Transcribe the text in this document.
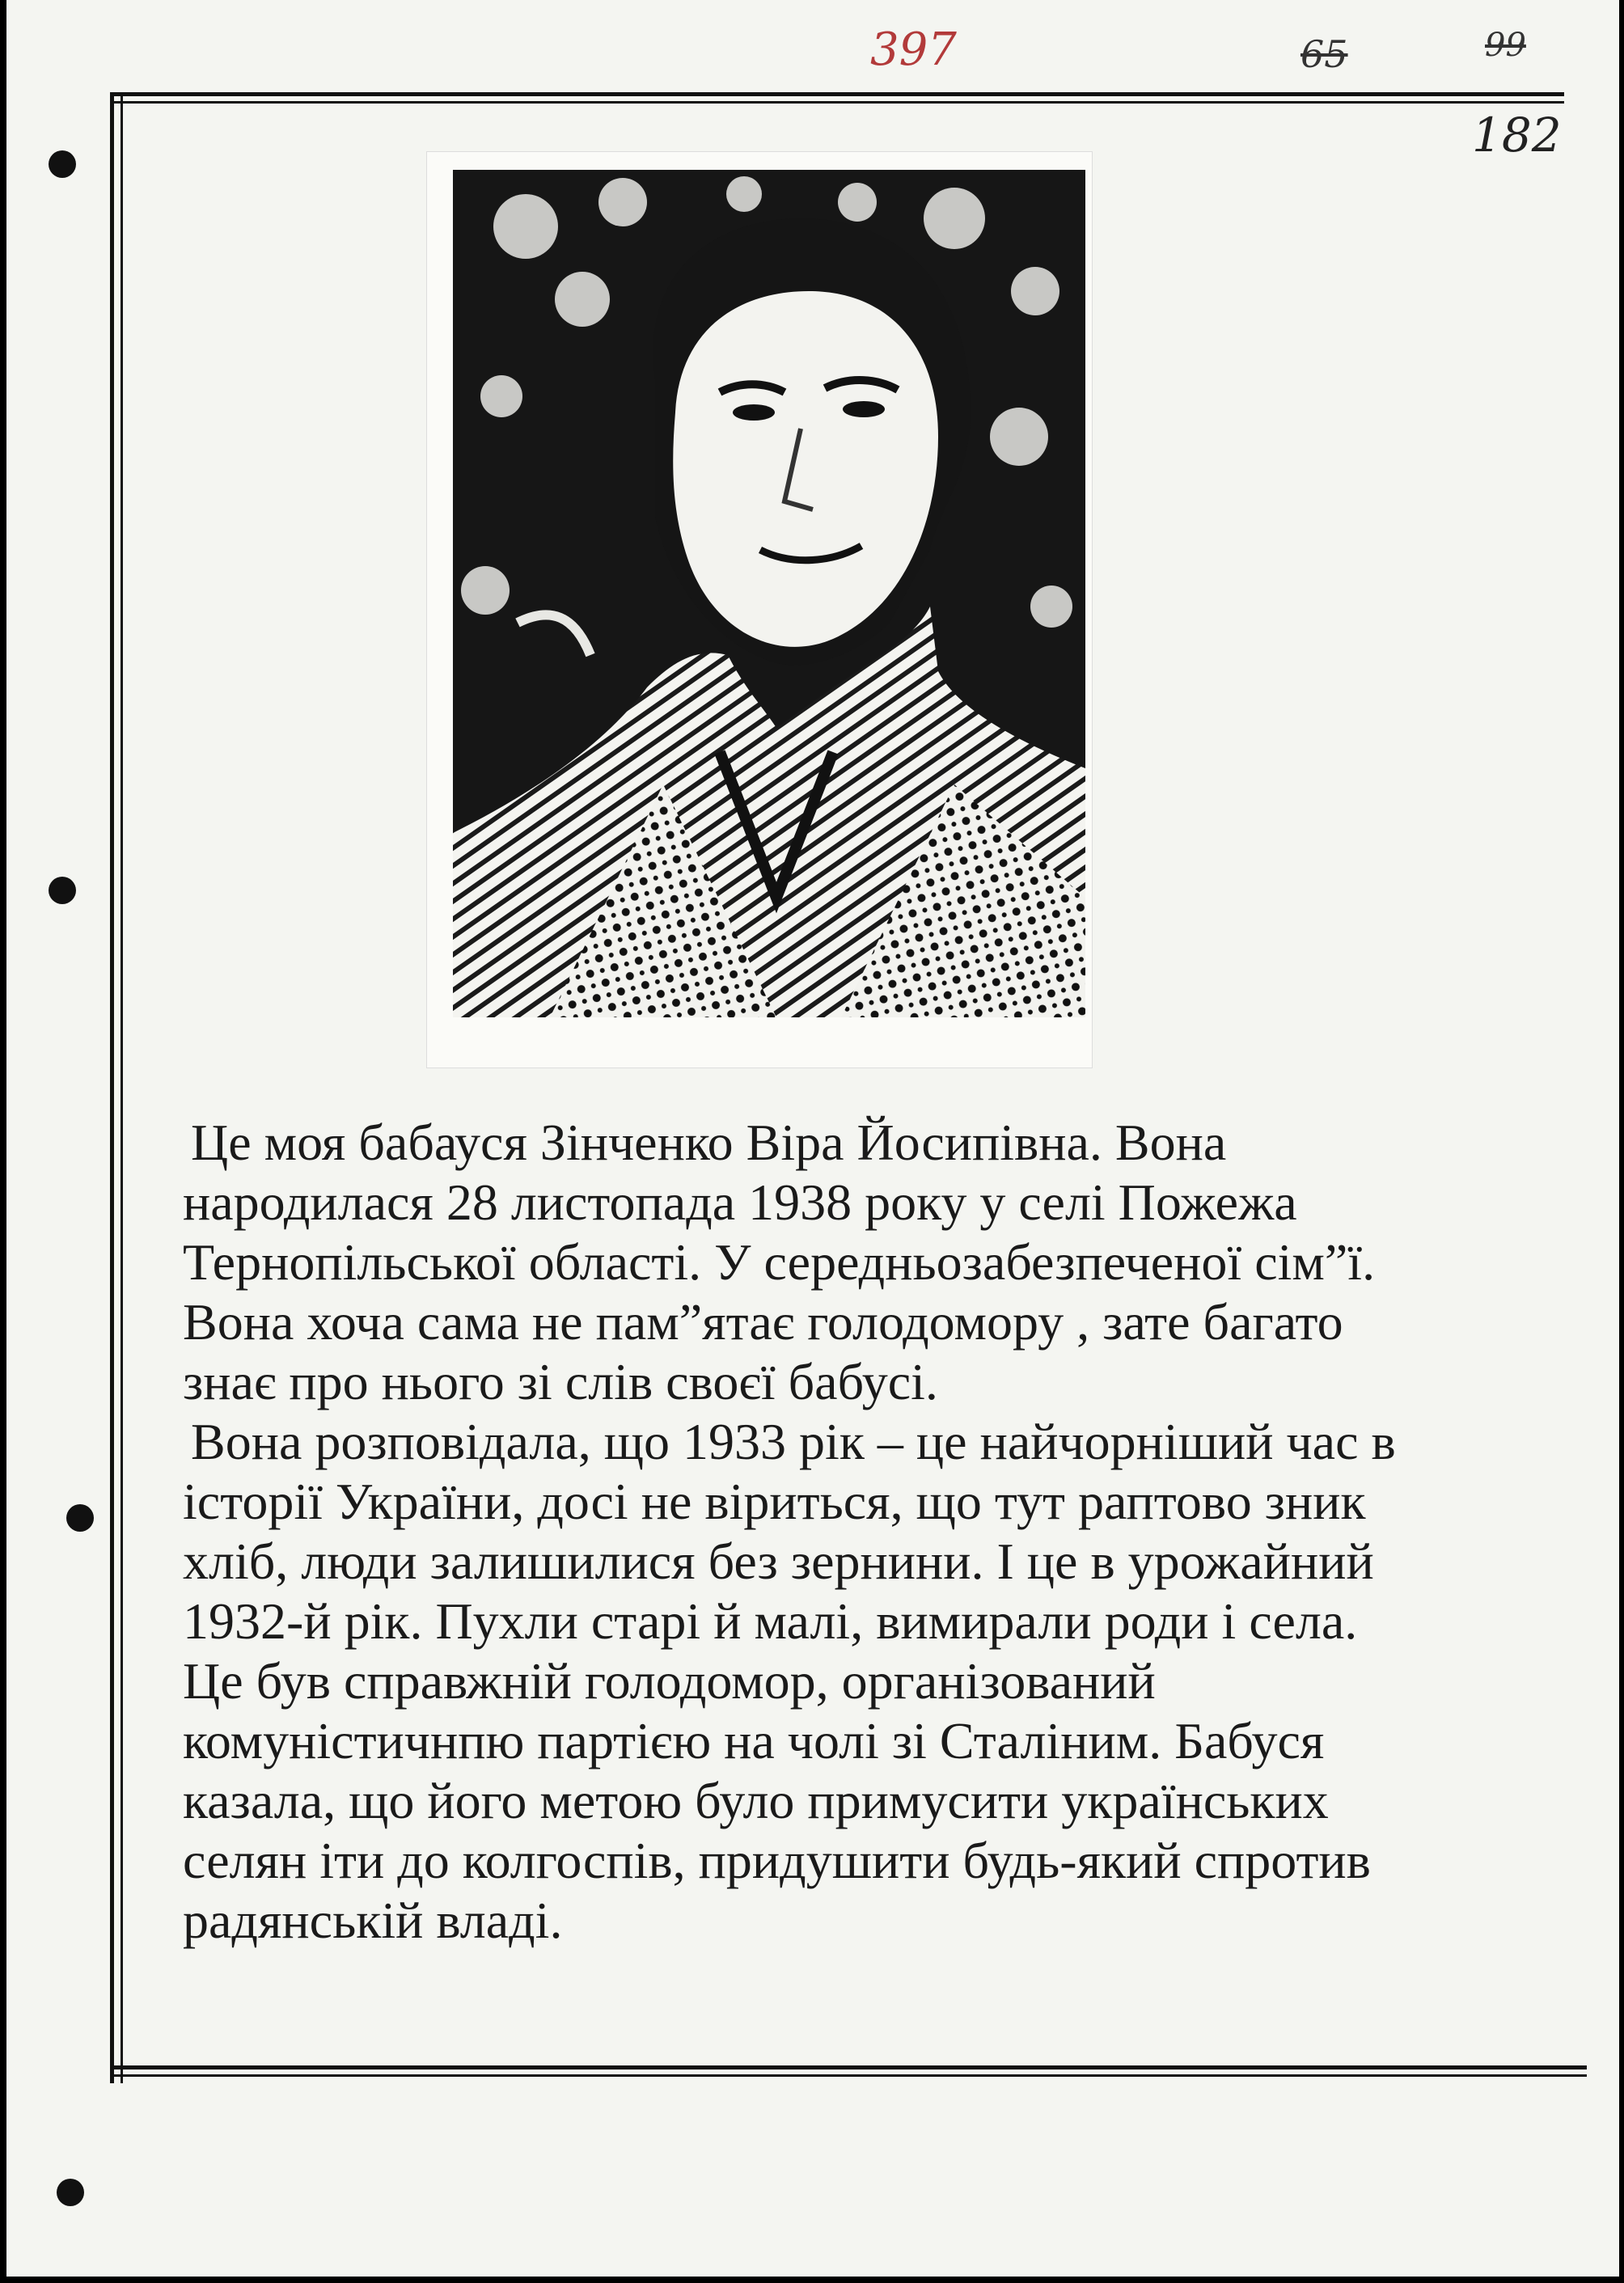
397	65	99
182
Це моя бабауся Зінченко Віра Йосипівна. Вона
народилася 28 листопада 1938 року у селі Пожежа
Тернопільської області. У середньозабезпеченої сім”ї.
Вона хоча сама не пам”ятає голодомору , зате багато
знає про нього зі слів своєї бабусі.
Вона розповідала, що 1933 рік – це найчорніший час в
історії України, досі не віриться, що тут раптово зник
хліб, люди залишилися без зернини. І це в урожайний
1932-й рік. Пухли старі й малі, вимирали роди і села.
Це був справжній голодомор, організований
комуністичнпю партією на чолі зі Сталіним. Бабуся
казала, що його метою було примусити українських
селян іти до колгоспів, придушити будь-який спротив
радянській владі.
